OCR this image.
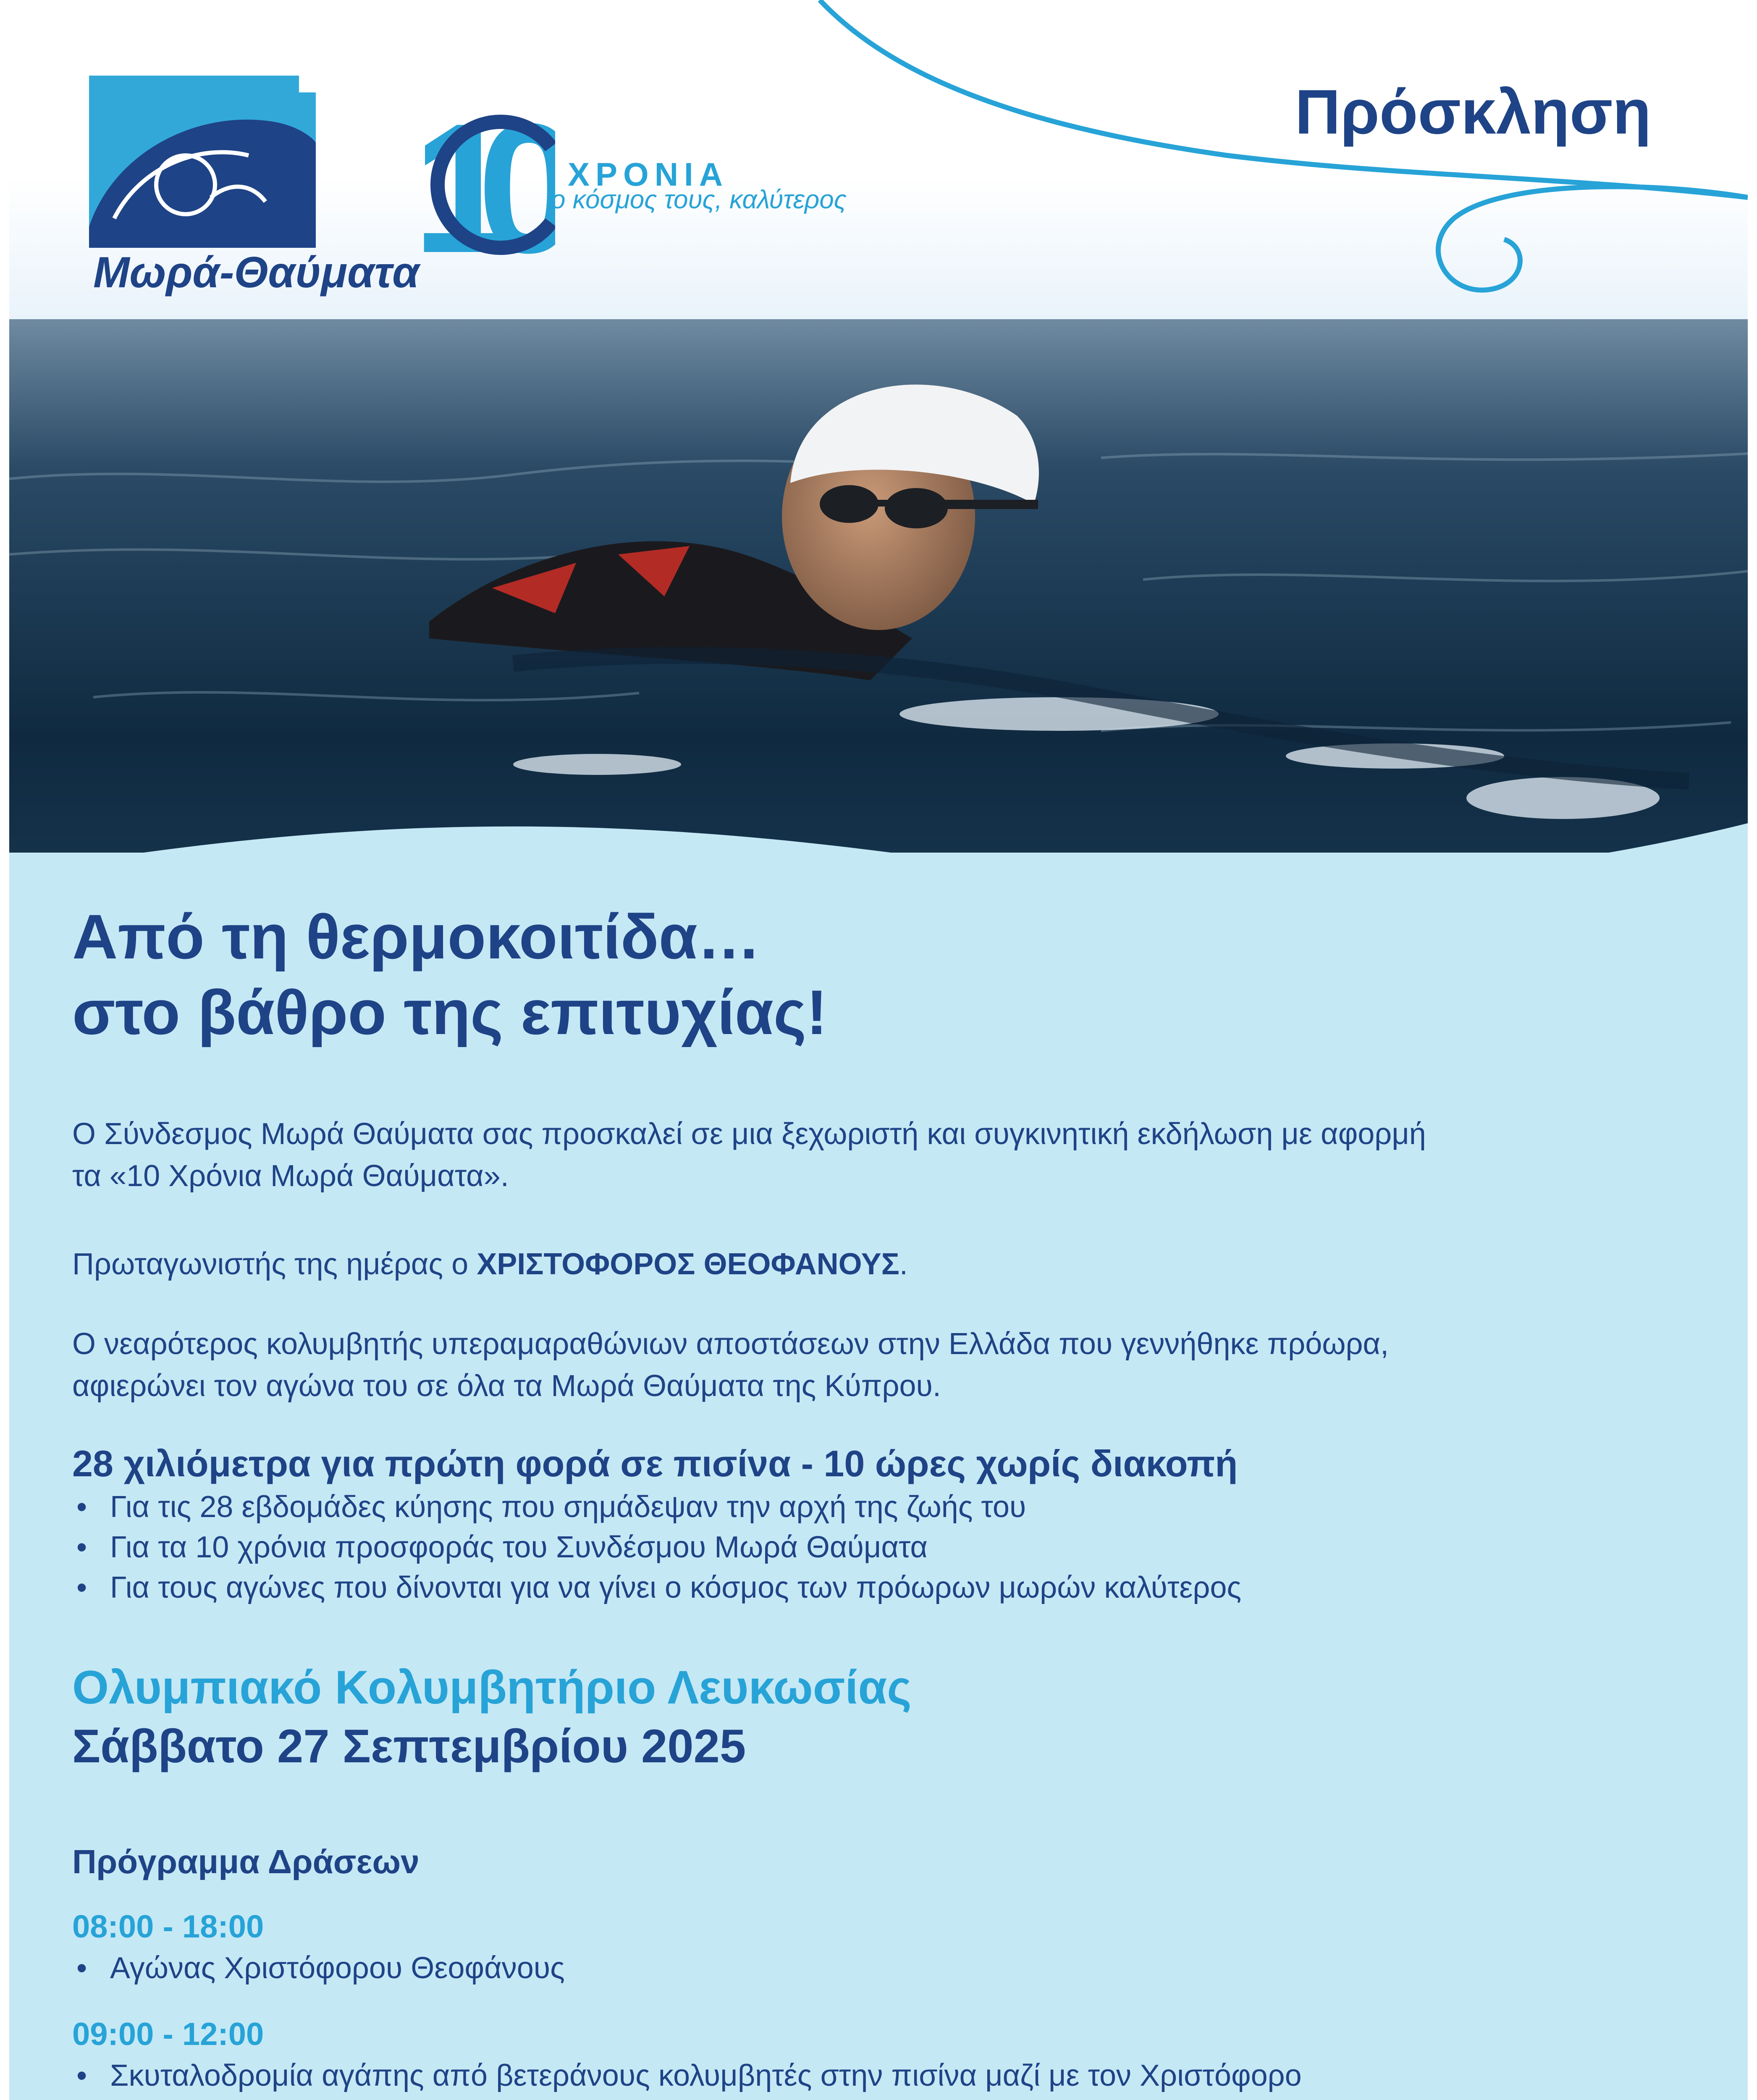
Μωρά-Θαύματα
10 ΧΡΟΝΙΑ
ο κόσμος τους, καλύτερος
Πρόσκληση

Από τη θερμοκοιτίδα…

στο βάθρο της επιτυχίας!

Ο Σύνδεσμος Μωρά Θαύματα σας προσκαλεί σε μια ξεχωριστή και συγκινητική εκδήλωση με αφορμή

τα «10 Χρόνια Μωρά Θαύματα».

Πρωταγωνιστής της ημέρας ο ΧΡΙΣΤΟΦΟΡΟΣ ΘΕΟΦΑΝΟΥΣ.

Ο νεαρότερος κολυμβητής υπεραμαραθώνιων αποστάσεων στην Ελλάδα που γεννήθηκε πρόωρα,

αφιερώνει τον αγώνα του σε όλα τα Μωρά Θαύματα της Κύπρου.

28 χιλιόμετρα για πρώτη φορά σε πισίνα - 10 ώρες χωρίς διακοπή

• Για τις 28 εβδομάδες κύησης που σημάδεψαν την αρχή της ζωής του
• Για τα 10 χρόνια προσφοράς του Συνδέσμου Μωρά Θαύματα
• Για τους αγώνες που δίνονται για να γίνει ο κόσμος των πρόωρων μωρών καλύτερος

Ολυμπιακό Κολυμβητήριο Λευκωσίας

Σάββατο 27 Σεπτεμβρίου 2025

Πρόγραμμα Δράσεων

08:00 - 18:00

• Αγώνας Χριστόφορου Θεοφάνους

09:00 - 12:00

• Σκυταλοδρομία αγάπης από βετεράνους κολυμβητές στην πισίνα μαζί με τον Χριστόφορο
